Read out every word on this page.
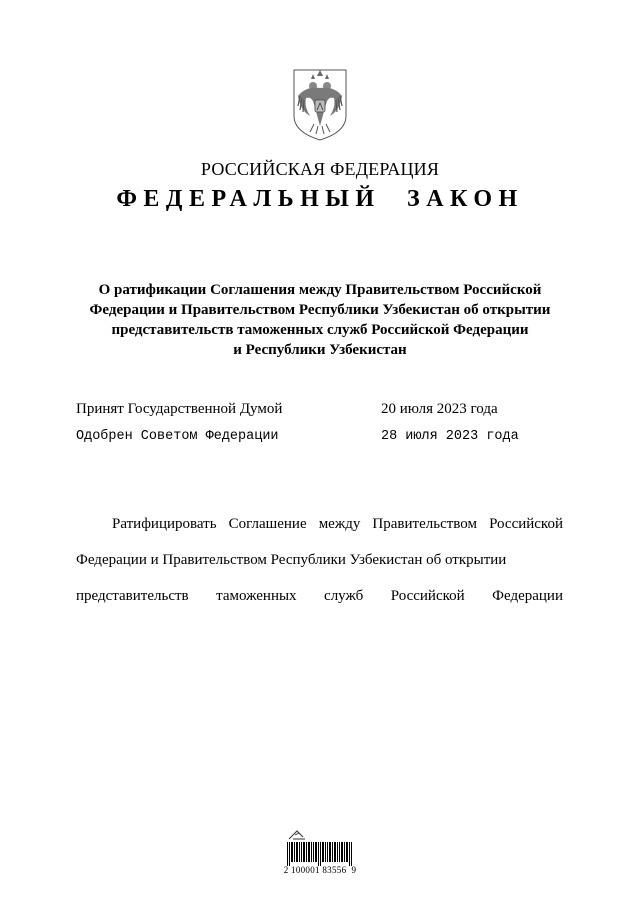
РОССИЙСКАЯ ФЕДЕРАЦИЯ
ФЕДЕРАЛЬНЫЙ ЗАКОН
О ратификации Соглашения между Правительством Российской
Федерации и Правительством Республики Узбекистан об открытии
представительств таможенных служб Российской Федерации
и Республики Узбекистан
Принят Государственной Думой	20 июля 2023 года
Одобрен Советом Федерации	28 июля 2023 года
Ратифицировать Соглашение между Правительством Российской Федерации и Правительством Республики Узбекистан об открытии
представительств таможенных служб Российской Федерации
2 100001 83556  9
